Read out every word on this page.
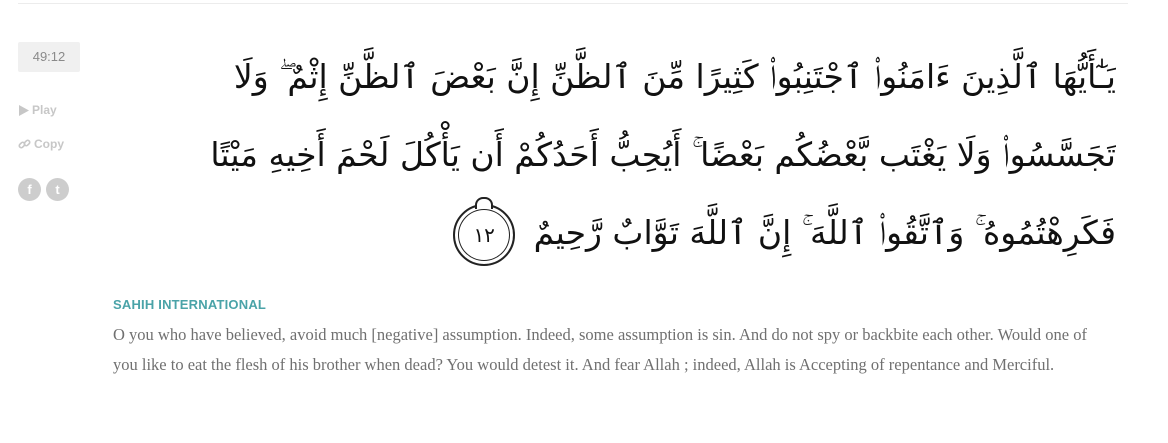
49:12
Play
Copy
f t
يَـٰٓأَيُّهَا ٱلَّذِينَ ءَامَنُوا۟ ٱجْتَنِبُوا۟ كَثِيرًا مِّنَ ٱلظَّنِّ إِنَّ بَعْضَ ٱلظَّنِّ إِثْمٌ ۖ وَلَا تَجَسَّسُوا۟ وَلَا يَغْتَب بَّعْضُكُم بَعْضًا ۚ أَيُحِبُّ أَحَدُكُمْ أَن يَأْكُلَ لَحْمَ أَخِيهِ مَيْتًا فَكَرِهْتُمُوهُ ۚ وَٱتَّقُوا۟ ٱللَّهَ ۚ إِنَّ ٱللَّهَ تَوَّابٌ رَّحِيمٌ ١٢
SAHIH INTERNATIONAL
O you who have believed, avoid much [negative] assumption. Indeed, some assumption is sin. And do not spy or backbite each other. Would one of you like to eat the flesh of his brother when dead? You would detest it. And fear Allah ; indeed, Allah is Accepting of repentance and Merciful.
